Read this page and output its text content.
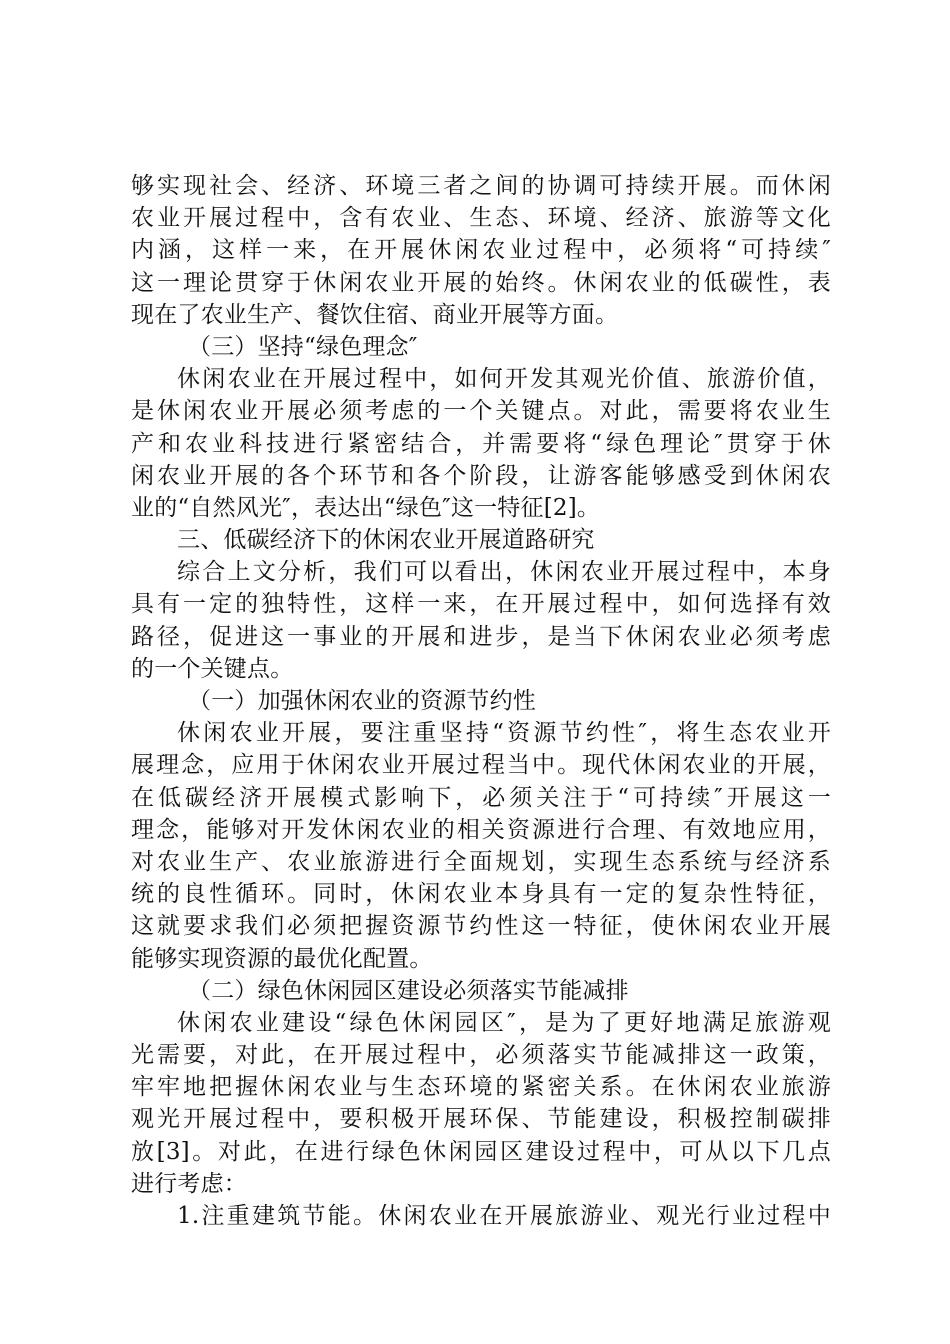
够实现社会、经济、环境三者之间的协调可持续开展。而休闲
农业开展过程中，含有农业、生态、环境、经济、旅游等文化
内涵，这样一来，在开展休闲农业过程中，必须将“可持续″
这一理论贯穿于休闲农业开展的始终。休闲农业的低碳性，表
现在了农业生产、餐饮住宿、商业开展等方面。
（三）坚持“绿色理念″
休闲农业在开展过程中，如何开发其观光价值、旅游价值，
是休闲农业开展必须考虑的一个关键点。对此，需要将农业生
产和农业科技进行紧密结合，并需要将“绿色理论″贯穿于休
闲农业开展的各个环节和各个阶段，让游客能够感受到休闲农
业的“自然风光″，表达出“绿色″这一特征[2]。
三、低碳经济下的休闲农业开展道路研究
综合上文分析，我们可以看出，休闲农业开展过程中，本身
具有一定的独特性，这样一来，在开展过程中，如何选择有效
路径，促进这一事业的开展和进步，是当下休闲农业必须考虑
的一个关键点。
（一）加强休闲农业的资源节约性
休闲农业开展，要注重坚持“资源节约性″，将生态农业开
展理念，应用于休闲农业开展过程当中。现代休闲农业的开展，
在低碳经济开展模式影响下，必须关注于“可持续″开展这一
理念，能够对开发休闲农业的相关资源进行合理、有效地应用，
对农业生产、农业旅游进行全面规划，实现生态系统与经济系
统的良性循环。同时，休闲农业本身具有一定的复杂性特征，
这就要求我们必须把握资源节约性这一特征，使休闲农业开展
能够实现资源的最优化配置。
（二）绿色休闲园区建设必须落实节能减排
休闲农业建设“绿色休闲园区″，是为了更好地满足旅游观
光需要，对此，在开展过程中，必须落实节能减排这一政策，
牢牢地把握休闲农业与生态环境的紧密关系。在休闲农业旅游
观光开展过程中，要积极开展环保、节能建设，积极控制碳排
放[3]。对此，在进行绿色休闲园区建设过程中，可从以下几点
进行考虑：
1.注重建筑节能。休闲农业在开展旅游业、观光行业过程中
